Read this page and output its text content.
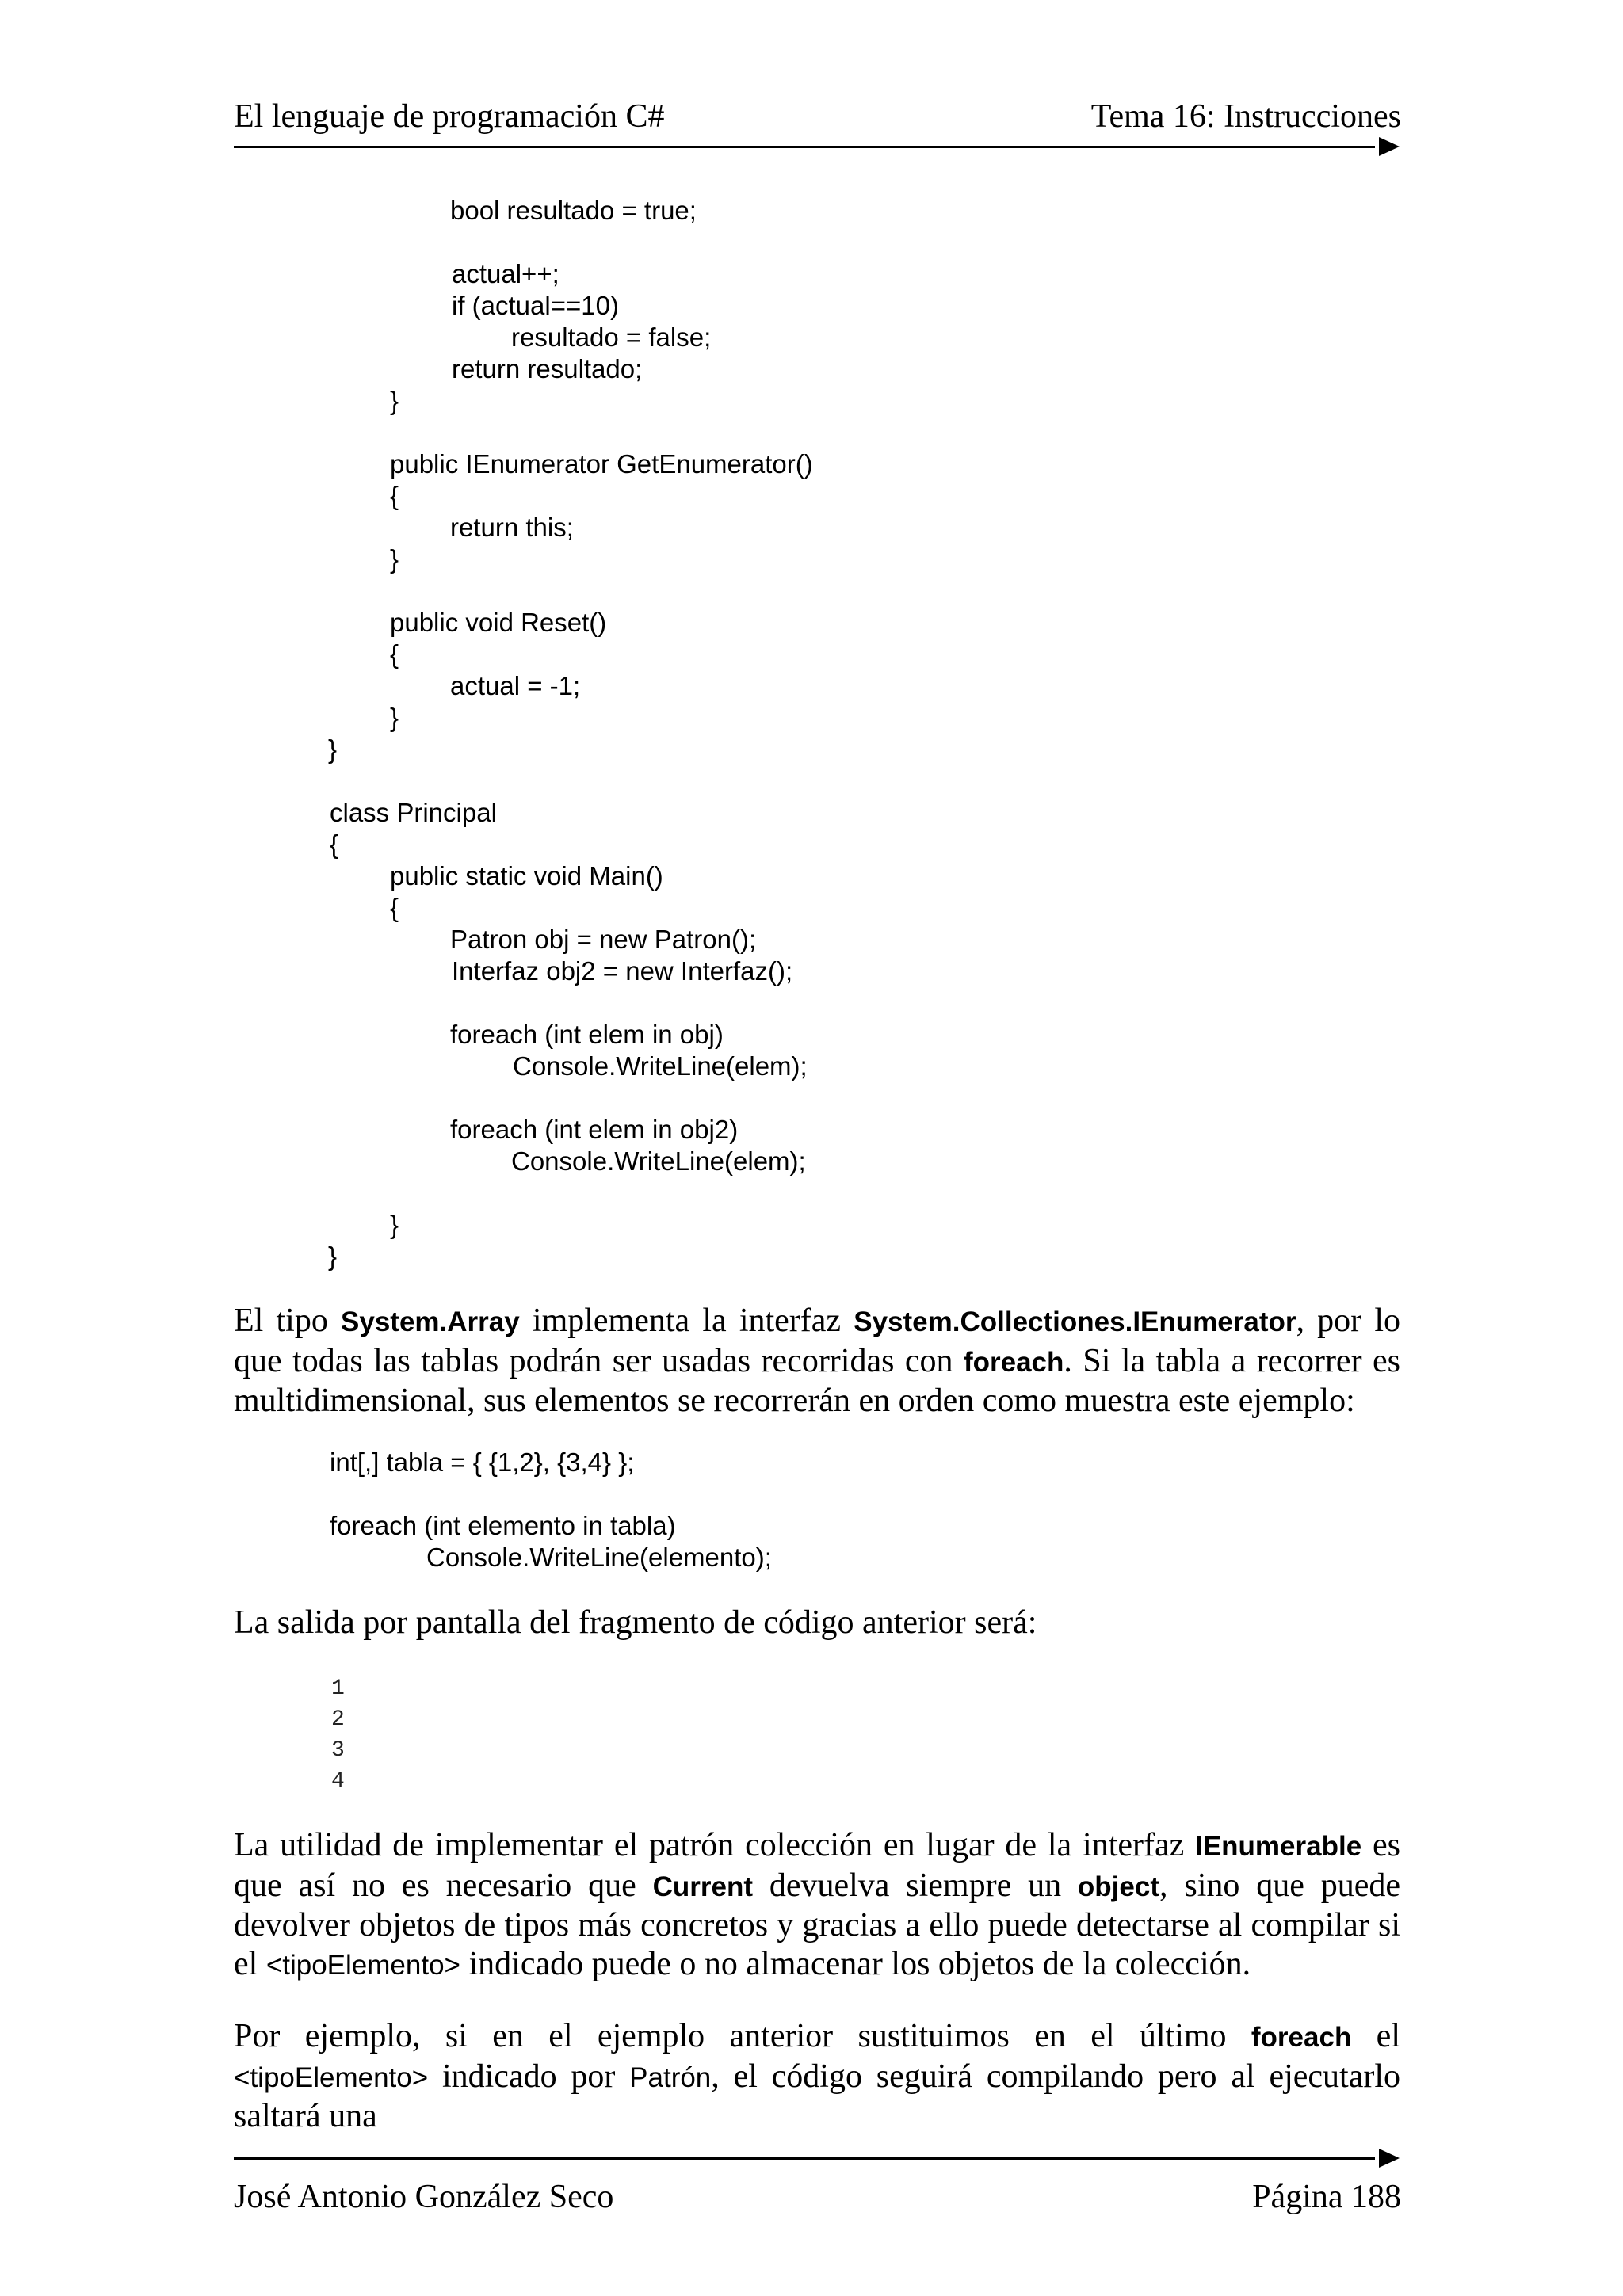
El lenguaje de programación C#	Tema 16: Instrucciones
bool resultado = true;
actual++;
if (actual==10)
resultado = false;
return resultado;
}
public IEnumerator GetEnumerator()
{
return this;
}
public void Reset()
{
actual = -1;
}
}
class Principal
{
public static void Main()
{
Patron obj = new Patron();
Interfaz obj2 = new Interfaz();
foreach (int elem in obj)
Console.WriteLine(elem);
foreach (int elem in obj2)
Console.WriteLine(elem);
}
}
El tipo System.Array implementa la interfaz System.Collectiones.IEnumerator, por lo que todas las tablas podrán ser usadas recorridas con foreach. Si la tabla a recorrer es multidimensional, sus elementos se recorrerán en orden como muestra este ejemplo:
int[,] tabla = { {1,2}, {3,4} };
foreach (int elemento in tabla)
Console.WriteLine(elemento);
La salida por pantalla del fragmento de código anterior será:
1
2
3
4
La utilidad de implementar el patrón colección en lugar de la interfaz IEnumerable es que así no es necesario que Current devuelva siempre un object, sino que puede devolver objetos de tipos más concretos y gracias a ello puede detectarse al compilar si el <tipoElemento> indicado puede o no almacenar los objetos de la colección.
Por ejemplo, si en el ejemplo anterior sustituimos en el último foreach el <tipoElemento> indicado por Patrón, el código seguirá compilando pero al ejecutarlo saltará una
José Antonio González Seco	Página 188
